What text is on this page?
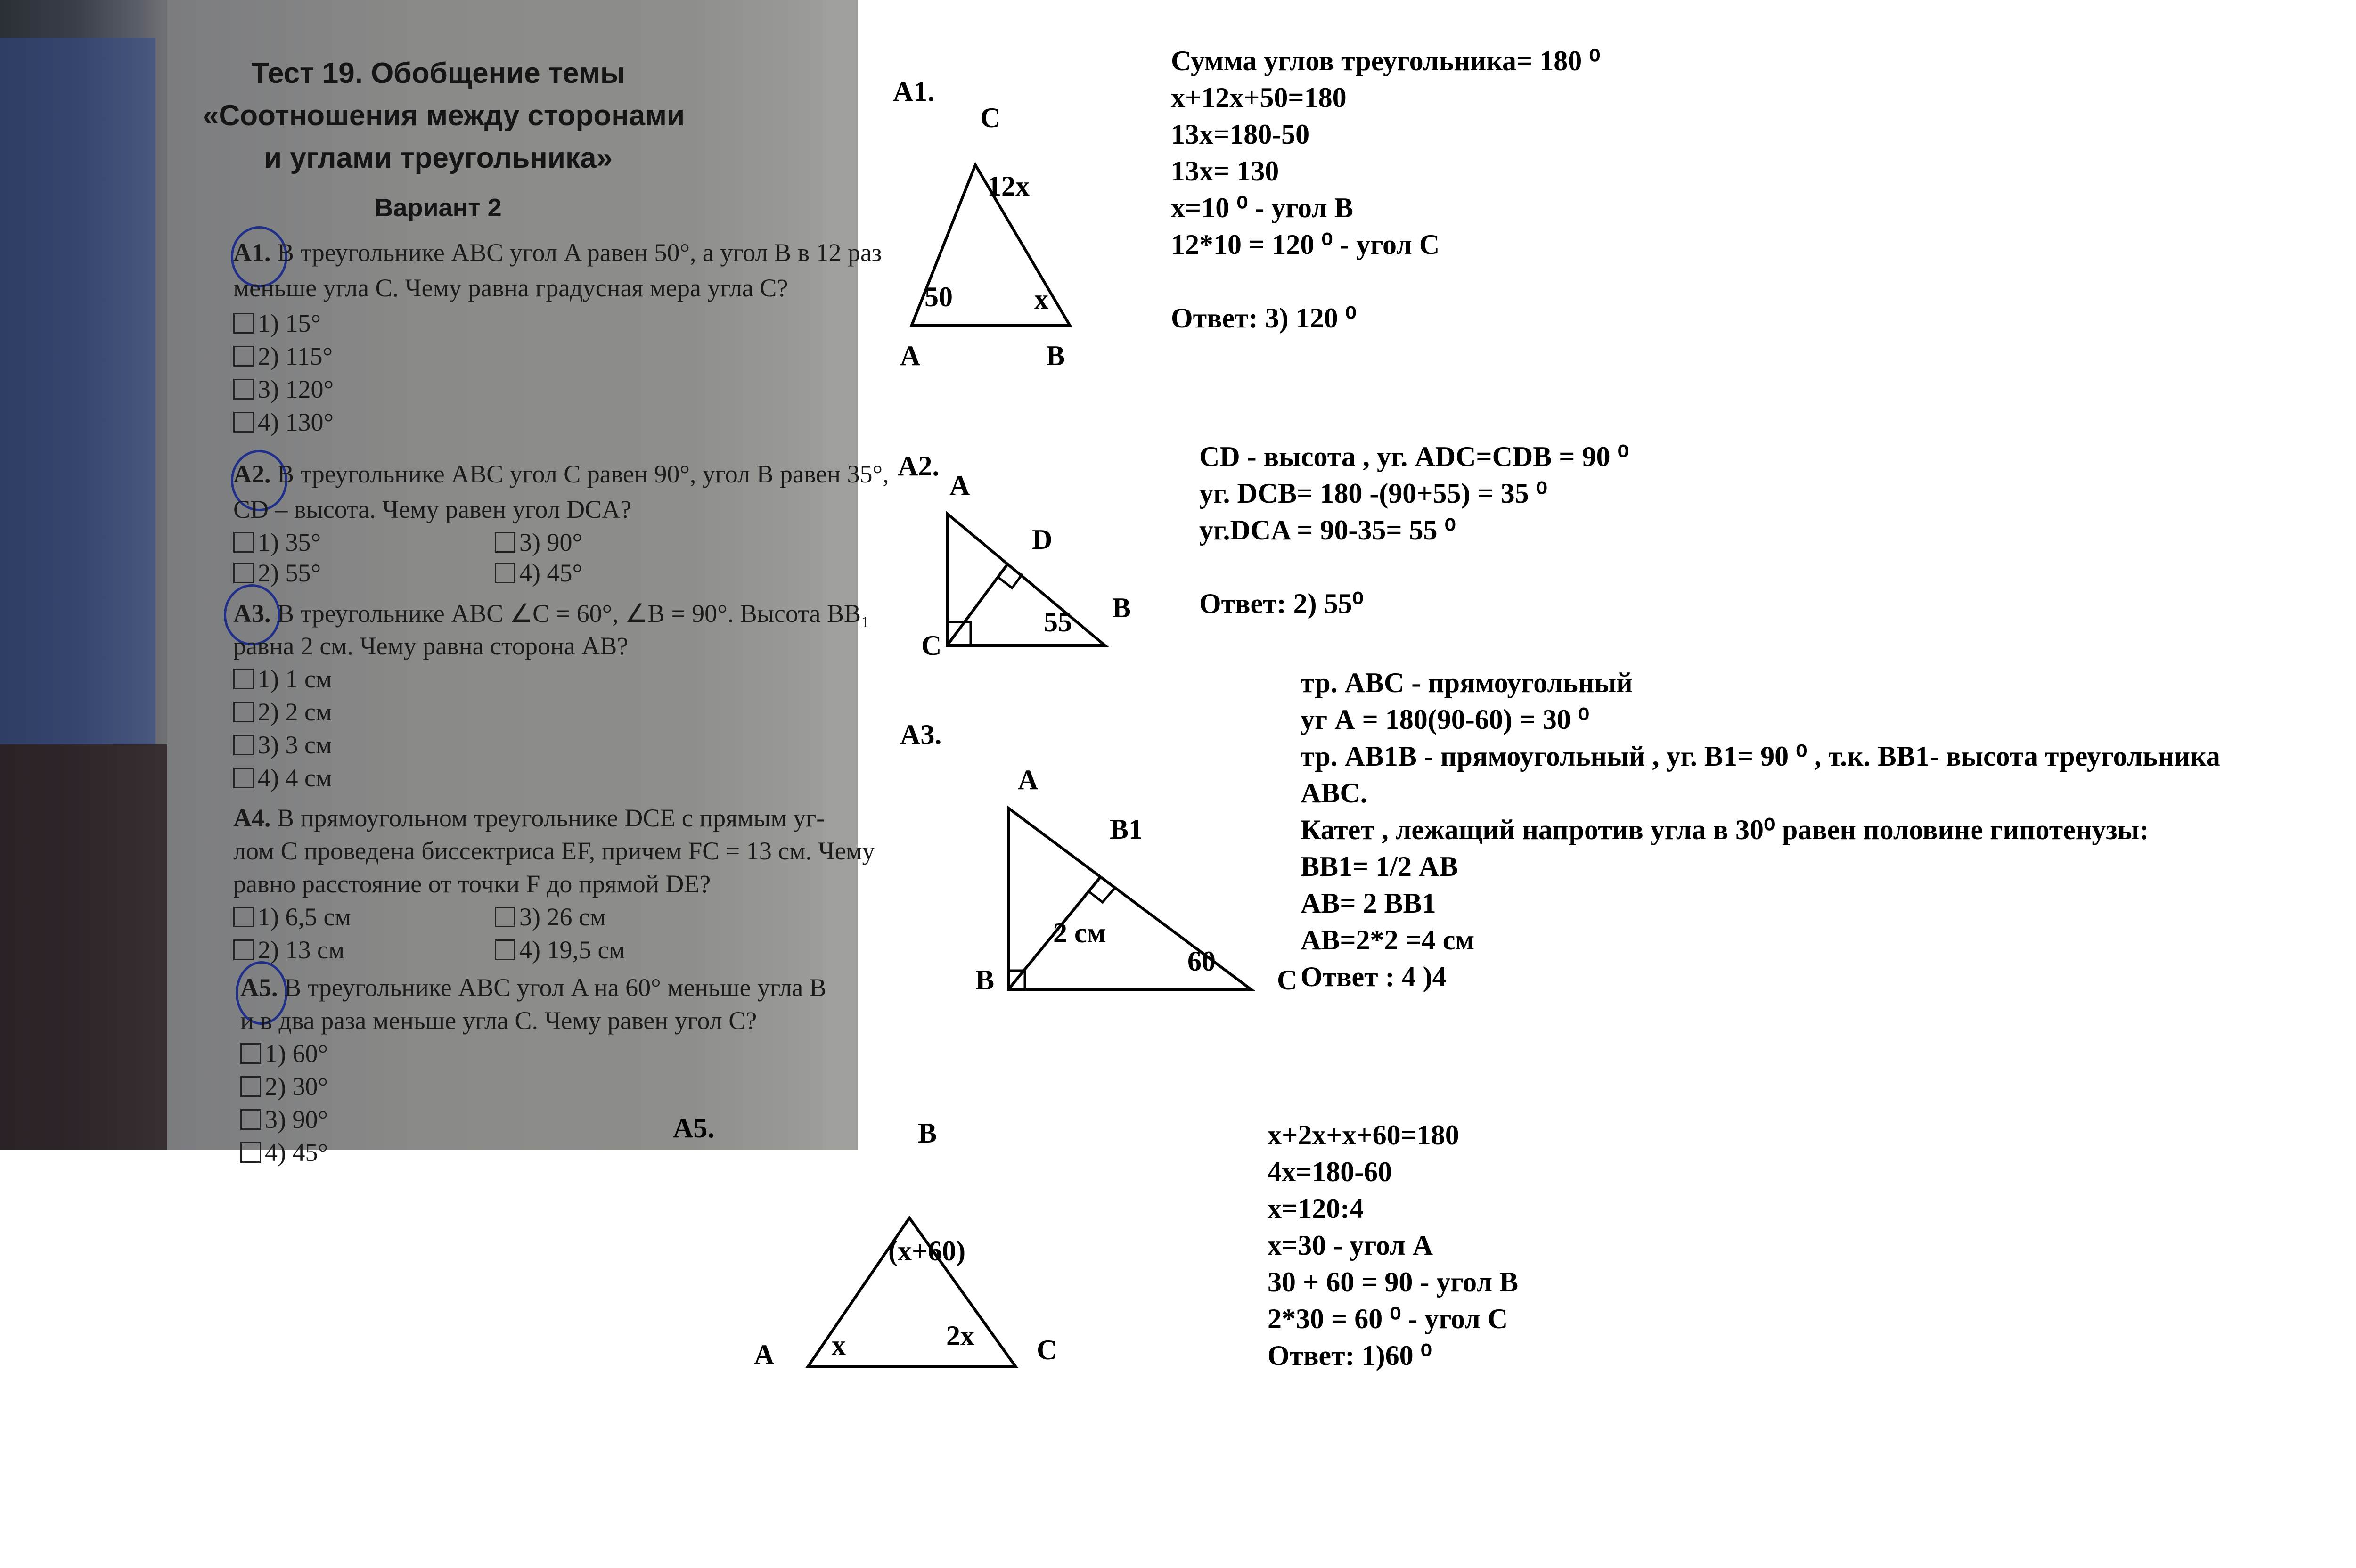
Тест 19. Обобщение темы
«Соотношения между сторонами
и углами треугольника»
Вариант 2
А1. В треугольнике ABC угол A равен 50°, а угол B в 12 раз
меньше угла C. Чему равна градусная мера угла C?
1) 15°
2) 115°
3) 120°
4) 130°
А2. В треугольнике ABC угол C равен 90°, угол B равен 35°,
CD – высота. Чему равен угол DCA?
1) 35°	3) 90°
2) 55°	4) 45°
А3. В треугольнике ABC ∠C = 60°, ∠B = 90°. Высота BB₁
равна 2 см. Чему равна сторона AB?
1) 1 см
2) 2 см
3) 3 см
4) 4 см
А4. В прямоугольном треугольнике DCE с прямым уг-
лом C проведена биссектриса EF, причем FC = 13 см. Чему
равно расстояние от точки F до прямой DE?
1) 6,5 см	3) 26 см
2) 13 см	4) 19,5 см
А5. В треугольнике ABC угол A на 60° меньше угла B
и в два раза меньше угла C. Чему равен угол C?
1) 60°
2) 30°
3) 90°
4) 45°
А1.
C
12x
50	x
A	B
Сумма углов треугольника= 180 ⁰
х+12х+50=180
13х=180-50
13х= 130
х=10 ⁰ - угол В
12*10 = 120 ⁰ - угол С
Ответ: 3) 120 ⁰
А2.
A
D
55 B
C
CD - высота , уг. ADC=CDB = 90 ⁰
уг. DCB= 180 -(90+55) = 35 ⁰
уг.DCA = 90-35= 55 ⁰
Ответ: 2) 55⁰
А3.
A
B1
2 см
60
B	C
тр. АВС - прямоугольный
уг А = 180(90-60) = 30 ⁰
тр. АВ1В - прямоугольный , уг. В1= 90 ⁰ , т.к. ВВ1- высота треугольника
АВС.
Катет , лежащий напротив угла в 30⁰ равен половине гипотенузы:
ВВ1= 1/2 АВ
АВ= 2 ВВ1
АВ=2*2 =4 см
Ответ : 4 )4
А5.	B
(x+60)
x	2x
A	C
x+2x+x+60=180
4x=180-60
x=120:4
x=30 - угол А
30 + 60 = 90 - угол В
2*30 = 60 ⁰ - угол С
Ответ: 1)60 ⁰
